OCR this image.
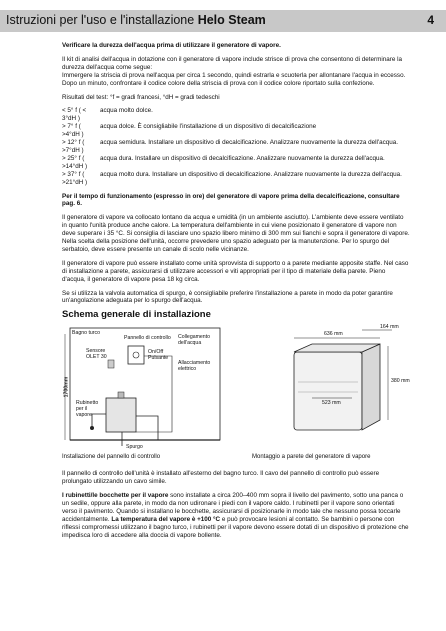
Istruzioni per l'uso e l'installazione Helo Steam	4

Verificare la durezza dell'acqua prima di utilizzare il generatore di vapore.

Il kit di analisi dell'acqua in dotazione con il generatore di vapore include strisce di prova che consentono di determinare la durezza dell'acqua come segue:
Immergere la striscia di prova nell'acqua per circa 1 secondo, quindi estrarla e scuoterla per allontanare l'acqua in eccesso. Dopo un minuto, confrontare il codice colore della striscia di prova con il codice colore riportato sulla confezione.

Risultati del test: °f = gradi francesi, °dH = gradi tedeschi

< 5° f ( < 3°dH )
acqua molto dolce.
> 7° f ( >4°dH )
acqua dolce. È consigliabile l'installazione di un dispositivo di decalcificazione
> 12° f ( >7°dH )
acqua semidura. Installare un dispositivo di decalcificazione. Analizzare nuovamente la durezza dell'acqua.
> 25° f ( >14°dH )
acqua dura. Installare un dispositivo di decalcificazione. Analizzare nuovamente la durezza dell'acqua.
> 37° f ( >21°dH )
acqua molto dura. Installare un dispositivo di decalcificazione. Analizzare nuovamente la durezza dell'acqua.

Per il tempo di funzionamento (espresso in ore) del generatore di vapore prima della decalcificazione, consultare pag. 6.

Il generatore di vapore va collocato lontano da acqua e umidità (in un ambiente asciutto). L'ambiente deve essere ventilato in quanto l'unità produce anche calore. La temperatura dell'ambiente in cui viene posizionato il generatore di vapore non deve superare i 35 °C. Si consiglia di lasciare uno spazio libero minimo di 300 mm sui fianchi e sopra il generatore di vapore. Nella scelta della posizione dell'unità, occorre prevedere uno spazio adeguato per la manutenzione. Per lo spurgo del serbatoio, deve essere presente un canale di scolo nelle vicinanze.

Il generatore di vapore può essere installato come unità sprovvista di supporto o a parete mediante apposite staffe. Nel caso di installazione a parete, assicurarsi di utilizzare accessori e viti appropriati per il tipo di materiale della parete. Pieno d'acqua, il generatore di vapore pesa 18 kg circa.

Se si utilizza la valvola automatica di spurgo, è consigliabile preferire l'installazione a parete in modo da poter garantire un'angolazione adeguata per lo spurgo dell'acqua.

Schema generale di installazione
Bagno turco
Pannello di controllo Collegamento dell'acqua
Sensore OLET 30
On/Off Pulsante
Allacciamento elettrico
Rubinetto per il vapore
Spurgo
1700mm
636 mm
164 mm
380 mm
523 mm
Installazione del pannello di controllo	Montaggio a parete del generatore di vapore

Il pannello di controllo dell'unità è installato all'esterno del bagno turco. Il cavo del pannello di controllo può essere prolungato utilizzando un cavo simile.

I rubinetti/le bocchette per il vapore sono installate a circa 200–400 mm sopra il livello del pavimento, sotto una panca o un sedile, oppure alla parete, in modo da non udironare i piedi con il vapore caldo. I rubinetti per il vapore sono orientati verso il pavimento. Quando si installano le bocchette, assicurarsi di posizionarle in modo tale che nessuno possa toccarle accidentalmente. La temperatura del vapore è +100 °C e può provocare lesioni al contatto. Se bambini o persone con riflessi compromessi utilizzano il bagno turco, i rubinetti per il vapore devono essere dotati di un dispositivo di protezione che impedisca loro di accedere alla doccia di vapore bollente.
